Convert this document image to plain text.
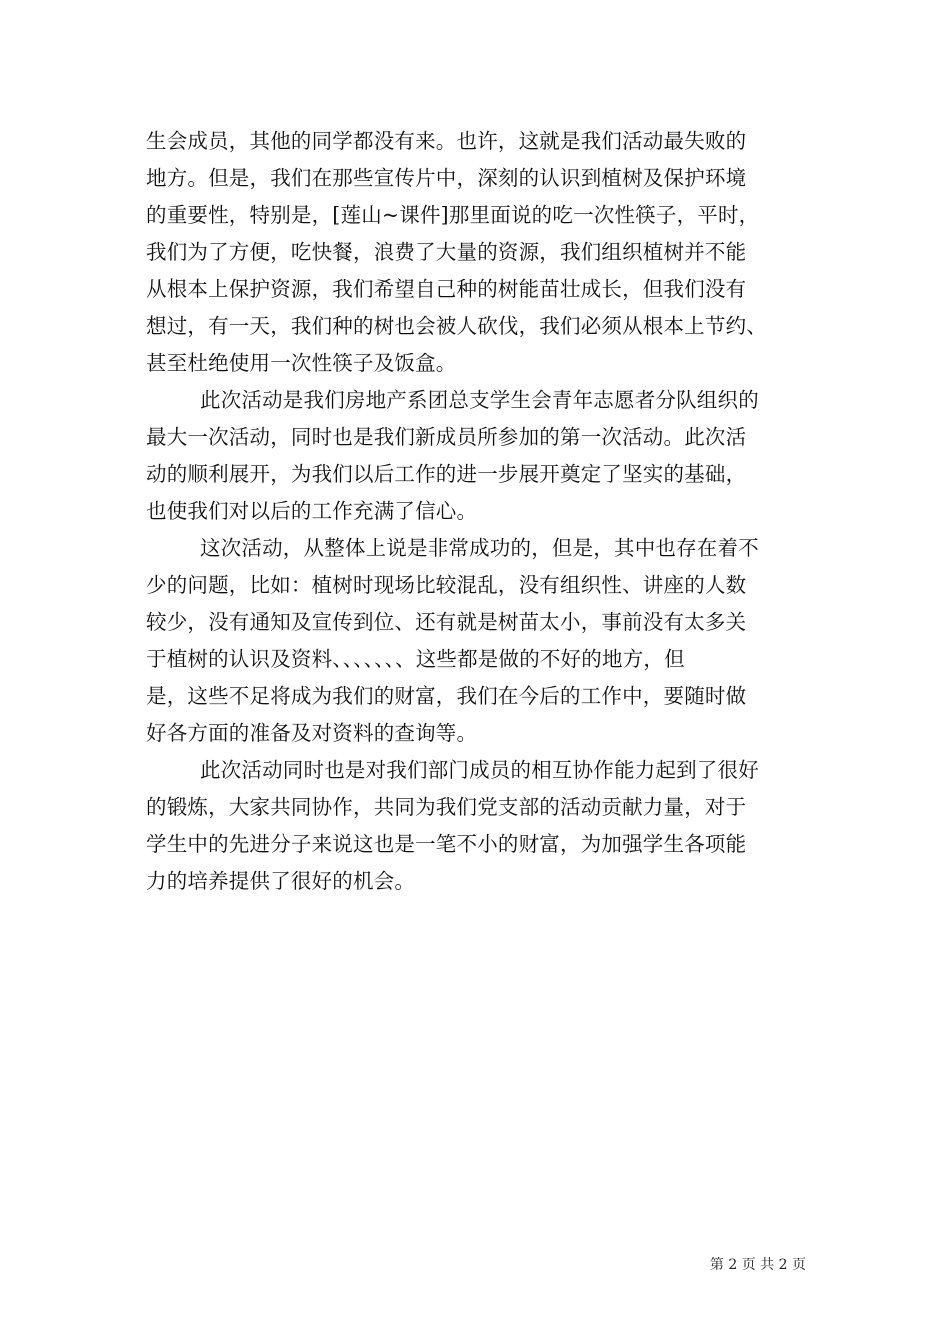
生会成员，其他的同学都没有来。也许，这就是我们活动最失败的
地方。但是，我们在那些宣传片中，深刻的认识到植树及保护环境
的重要性，特别是，[莲山~课件]那里面说的吃一次性筷子，平时，
我们为了方便，吃快餐，浪费了大量的资源，我们组织植树并不能
从根本上保护资源，我们希望自己种的树能苗壮成长，但我们没有
想过，有一天，我们种的树也会被人砍伐，我们必须从根本上节约、
甚至杜绝使用一次性筷子及饭盒。
此次活动是我们房地产系团总支学生会青年志愿者分队组织的
最大一次活动，同时也是我们新成员所参加的第一次活动。此次活
动的顺利展开，为我们以后工作的进一步展开奠定了坚实的基础，
也使我们对以后的工作充满了信心。
这次活动，从整体上说是非常成功的，但是，其中也存在着不
少的问题，比如：植树时现场比较混乱，没有组织性、讲座的人数
较少，没有通知及宣传到位、还有就是树苗太小，事前没有太多关
于植树的认识及资料、、、、、、、这些都是做的不好的地方，但
是，这些不足将成为我们的财富，我们在今后的工作中，要随时做
好各方面的准备及对资料的查询等。
此次活动同时也是对我们部门成员的相互协作能力起到了很好
的锻炼，大家共同协作，共同为我们党支部的活动贡献力量，对于
学生中的先进分子来说这也是一笔不小的财富，为加强学生各项能
力的培养提供了很好的机会。
第 2 页 共 2 页
